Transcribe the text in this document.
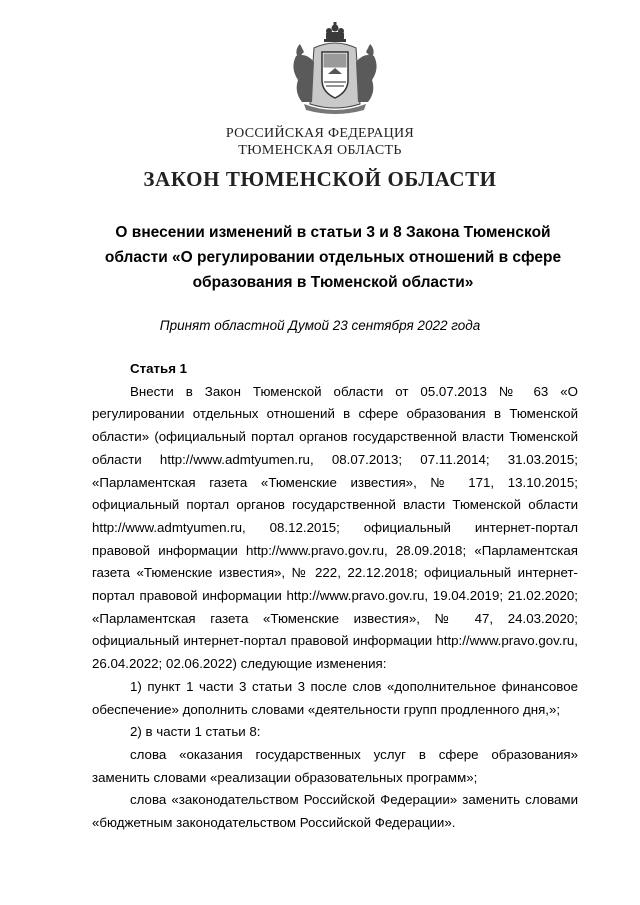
РОССИЙСКАЯ ФЕДЕРАЦИЯ
ТЮМЕНСКАЯ ОБЛАСТЬ
ЗАКОН ТЮМЕНСКОЙ ОБЛАСТИ
О внесении изменений в статьи 3 и 8 Закона Тюменской области «О регулировании отдельных отношений в сфере образования в Тюменской области»
Принят областной Думой 23 сентября 2022 года

Статья 1

Внести в Закон Тюменской области от 05.07.2013 № 63 «О регулировании отдельных отношений в сфере образования в Тюменской области» (официальный портал органов государственной власти Тюменской области http://www.admtyumen.ru, 08.07.2013; 07.11.2014; 31.03.2015; «Парламентская газета «Тюменские известия», № 171, 13.10.2015; официальный портал органов государственной власти Тюменской области http://www.admtyumen.ru, 08.12.2015; официальный интернет-портал правовой информации http://www.pravo.gov.ru, 28.09.2018; «Парламентская газета «Тюменские известия», № 222, 22.12.2018; официальный интернет-портал правовой информации http://www.pravo.gov.ru, 19.04.2019; 21.02.2020; «Парламентская газета «Тюменские известия», № 47, 24.03.2020; официальный интернет-портал правовой информации http://www.pravo.gov.ru, 26.04.2022; 02.06.2022) следующие изменения:

1) пункт 1 части 3 статьи 3 после слов «дополнительное финансовое обеспечение» дополнить словами «деятельности групп продленного дня,»;

2) в части 1 статьи 8:

слова «оказания государственных услуг в сфере образования» заменить словами «реализации образовательных программ»;

слова «законодательством Российской Федерации» заменить словами «бюджетным законодательством Российской Федерации».
